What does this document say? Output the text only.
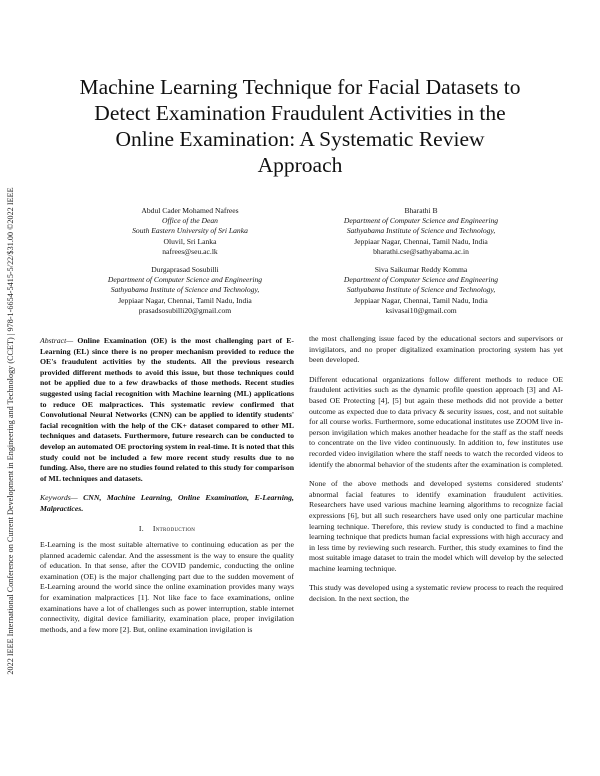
2022 IEEE International Conference on Current Development in Engineering and Technology (CCET) | 978-1-6654-5415-5/22/$31.00 ©2022 IEEE
Machine Learning Technique for Facial Datasets to
Detect Examination Fraudulent Activities in the
Online Examination: A Systematic Review
Approach
Abdul Cader Mohamed Nafrees
Office of the Dean
South Eastern University of Sri Lanka
Oluvil, Sri Lanka
nafrees@seu.ac.lk
Bharathi B
Department of Computer Science and Engineering
Sathyabama Institute of Science and Technology,
Jeppiaar Nagar, Chennai, Tamil Nadu, India
bharathi.cse@sathyabama.ac.in
Durgaprasad Sosubilli
Department of Computer Science and Engineering
Sathyabama Institute of Science and Technology,
Jeppiaar Nagar, Chennai, Tamil Nadu, India
prasadsosubilli20@gmail.com
Siva Saikumar Reddy Komma
Department of Computer Science and Engineering
Sathyabama Institute of Science and Technology,
Jeppiaar Nagar, Chennai, Tamil Nadu, India
ksivasai10@gmail.com

Abstract— Online Examination (OE) is the most challenging part of E-Learning (EL) since there is no proper mechanism provided to reduce the OE's fraudulent activities by the students. All the previous research provided different methods to avoid this issue, but those techniques could not be applied due to a few drawbacks of those methods. Recent studies suggested using facial recognition with Machine learning (ML) applications to reduce OE malpractices. This systematic review confirmed that Convolutional Neural Networks (CNN) can be applied to identify students' facial recognition with the help of the CK+ dataset compared to other ML techniques and datasets. Furthermore, future research can be conducted to develop an automated OE proctoring system in real-time. It is noted that this study could not be included a few more recent study results due to no funding. Also, there are no studies found related to this study for comparison of ML techniques and datasets.

Keywords— CNN, Machine Learning, Online Examination, E-Learning, Malpractices.

I. Introduction

E-Learning is the most suitable alternative to continuing education as per the planned academic calendar. And the assessment is the way to ensure the quality of education. In that sense, after the COVID pandemic, conducting the online examination (OE) is the major challenging part due to the sudden movement of E-Learning around the world since the online examination provides many ways for examination malpractices [1]. Not like face to face examinations, online examinations have a lot of challenges such as power interruption, stable internet connectivity, digital device familiarity, examination place, proper invigilation methods, and a few more [2]. But, online examination invigilation is

the most challenging issue faced by the educational sectors and supervisors or invigilators, and no proper digitalized examination proctoring system has yet been developed.

Different educational organizations follow different methods to reduce OE fraudulent activities such as the dynamic profile question approach [3] and AI-based OE Protecting [4], [5] but again these methods did not provide a better outcome as expected due to data privacy & security issues, cost, and not suitable for all course works. Furthermore, some educational institutes use ZOOM live in-person invigilation which makes another headache for the staff as the staff needs to concentrate on the live video continuously. In addition to, few institutes use recorded video invigilation where the staff needs to watch the recorded videos to identify the abnormal behavior of the students after the examination is completed.

None of the above methods and developed systems considered students' abnormal facial features to identify examination fraudulent activities. Researchers have used various machine learning algorithms to recognize facial expressions [6], but all such researchers have used only one particular machine learning technique. Therefore, this review study is conducted to find a machine learning technique that predicts human facial expressions with high accuracy and in less time by reviewing such research. Further, this study examines to find the most suitable image dataset to train the model which will develop by the selected machine learning technique.

This study was developed using a systematic review process to reach the required decision. In the next section, the
